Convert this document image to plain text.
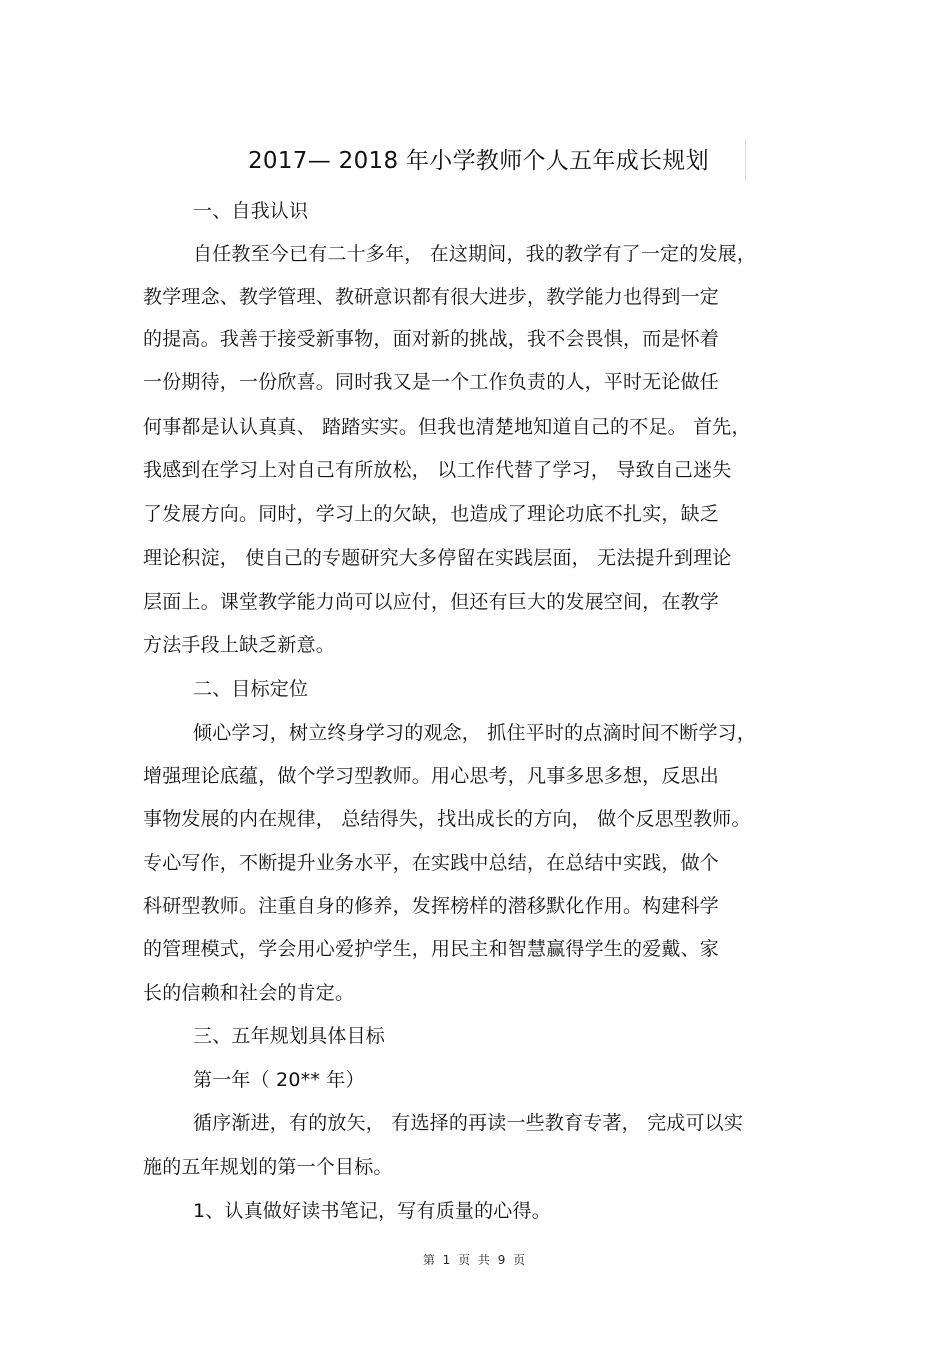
2017— 2018 年小学教师个人五年成长规划
一、自我认识
自任教至今已有二十多年， 在这期间，我的教学有了一定的发展，
教学理念、教学管理、教研意识都有很大进步，教学能力也得到一定
的提高。我善于接受新事物，面对新的挑战，我不会畏惧，而是怀着
一份期待，一份欣喜。同时我又是一个工作负责的人，平时无论做任
何事都是认认真真、 踏踏实实。但我也清楚地知道自己的不足。 首先，
我感到在学习上对自己有所放松， 以工作代替了学习， 导致自己迷失
了发展方向。同时，学习上的欠缺，也造成了理论功底不扎实，缺乏
理论积淀， 使自己的专题研究大多停留在实践层面， 无法提升到理论
层面上。课堂教学能力尚可以应付，但还有巨大的发展空间，在教学
方法手段上缺乏新意。
二、目标定位
倾心学习，树立终身学习的观念， 抓住平时的点滴时间不断学习，
增强理论底蕴，做个学习型教师。用心思考，凡事多思多想，反思出
事物发展的内在规律， 总结得失，找出成长的方向， 做个反思型教师。
专心写作，不断提升业务水平，在实践中总结，在总结中实践，做个
科研型教师。注重自身的修养，发挥榜样的潜移默化作用。构建科学
的管理模式，学会用心爱护学生，用民主和智慧赢得学生的爱戴、家
长的信赖和社会的肯定。
三、五年规划具体目标
第一年（ 20** 年）
循序渐进，有的放矢， 有选择的再读一些教育专著， 完成可以实
施的五年规划的第一个目标。
1、认真做好读书笔记，写有质量的心得。
第 1 页 共 9 页
